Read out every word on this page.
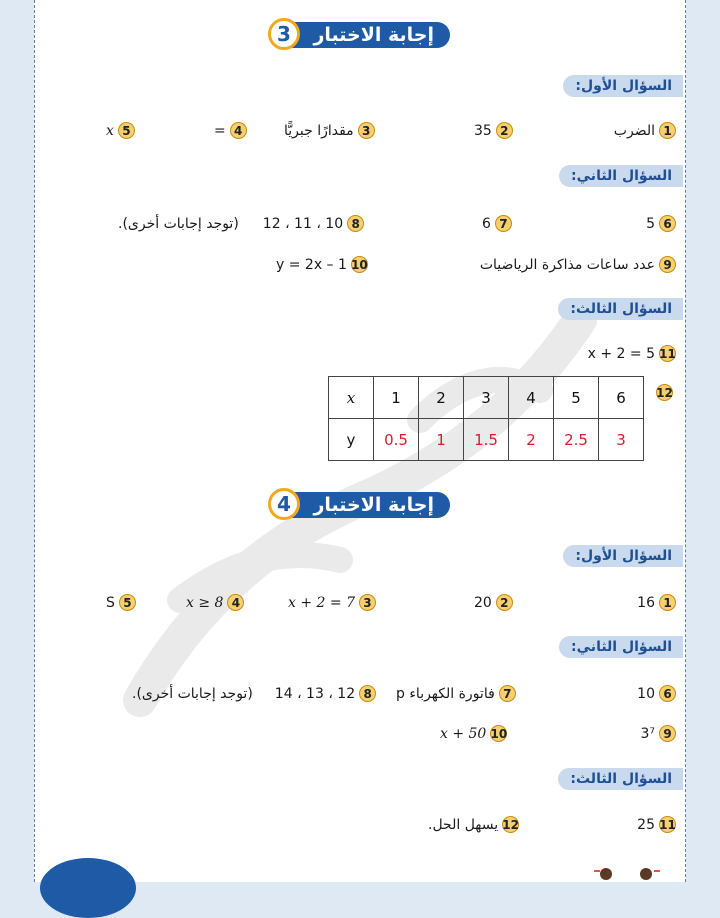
إجابة الاختبار
3
السؤال الأول:
الضرب 1
35 2
مقدارًا جبريًّا 3
= 4
x 5
السؤال الثاني:
5 6
6 7
(توجد إجابات أخرى). 10 ، 11 ، 12 8
عدد ساعات مذاكرة الرياضيات 9
y = 2x – 1 10
السؤال الثالث:
x + 2 = 5 11
12
x	1	2	3	4	5	6
y	0.5	1	1.5	2	2.5	3
إجابة الاختبار
4
السؤال الأول:
16 1
20 2
x + 2 = 7 3
x ≥ 8 4
S 5
السؤال الثاني:
10 6
فاتورة الكهرباء p 7
(توجد إجابات أخرى). 12 ، 13 ، 14 8
3⁷ 9
x + 50 10
السؤال الثالث:
25 11
يسهل الحل. 12
